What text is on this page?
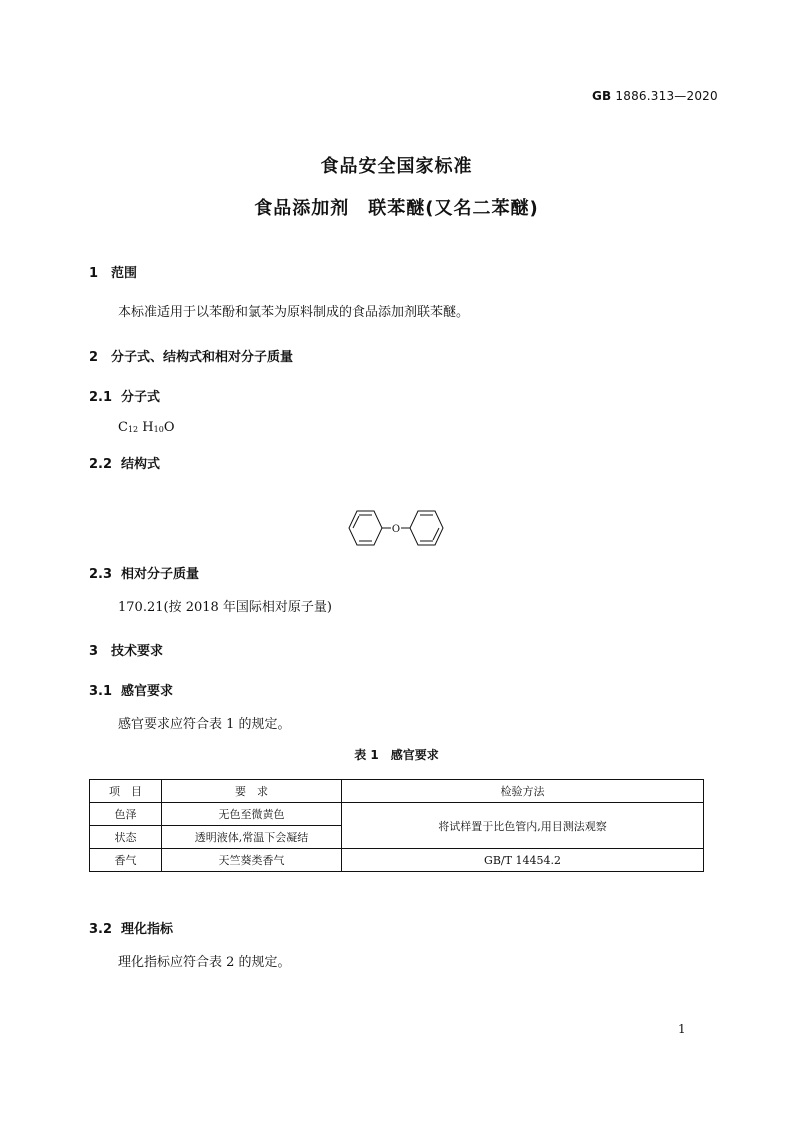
GB 1886.313—2020
食品安全国家标准
食品添加剂　联苯醚(又名二苯醚)
1 范围
本标准适用于以苯酚和氯苯为原料制成的食品添加剂联苯醚。
2 分子式、结构式和相对分子质量
2.1 分子式
$C_{12}$ $H_{10}O$
2.2 结构式
O
2.3 相对分子质量
170.21(按 2018 年国际相对原子量)
3 技术要求
3.1 感官要求
感官要求应符合表 1 的规定。
表 1　感官要求
项　目	要　求	检验方法
色泽	无色至微黄色	将试样置于比色管内,用目测法观察
状态	透明液体,常温下会凝结	
香气	天竺葵类香气	GB/T 14454.2
3.2 理化指标
理化指标应符合表 2 的规定。
1
